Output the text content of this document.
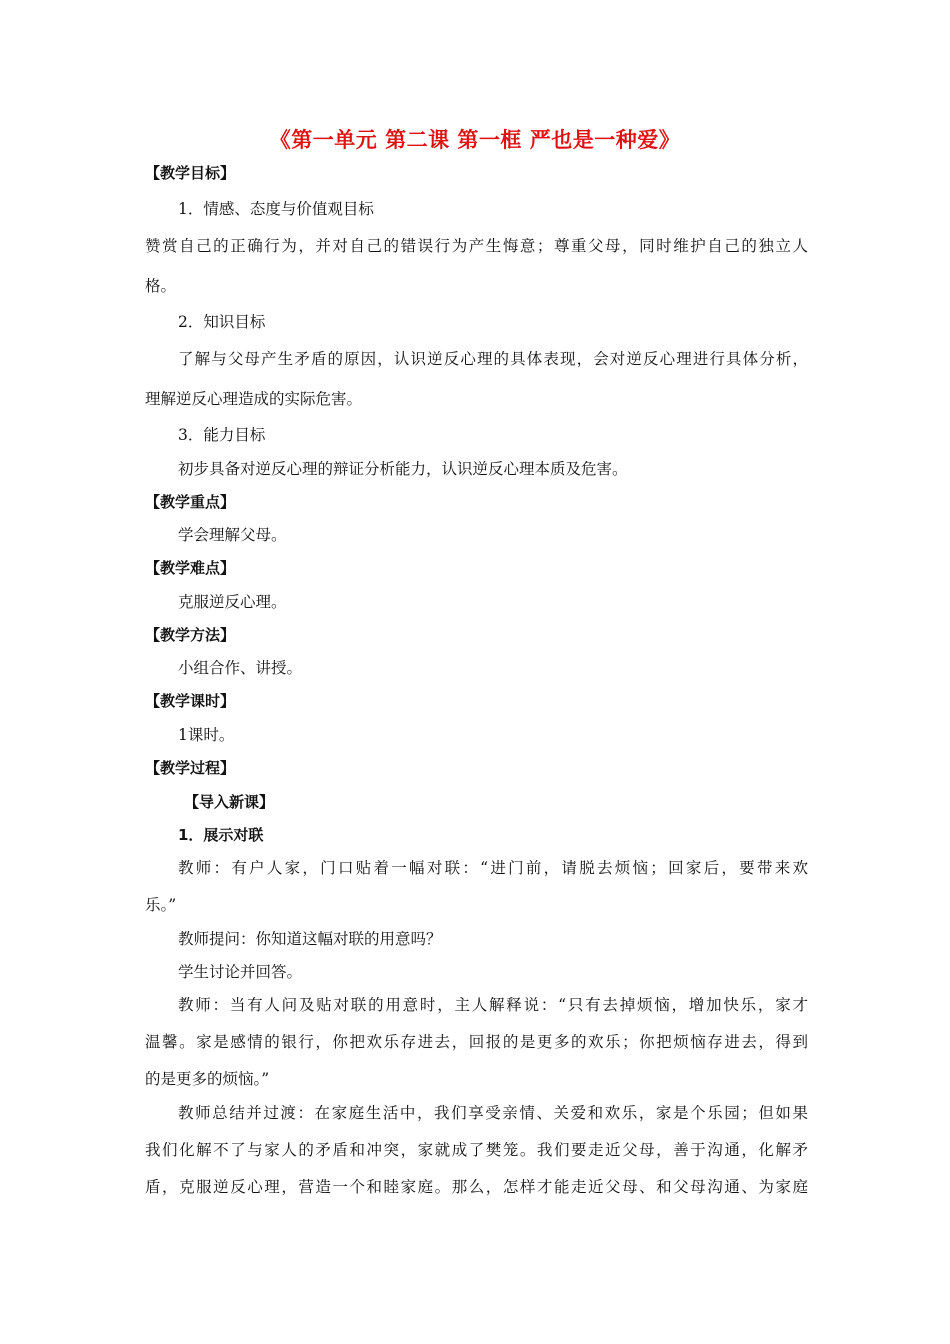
《第一单元 第二课 第一框 严也是一种爱》
【教学目标】
1．情感、态度与价值观目标
赞赏自己的正确行为，并对自己的错误行为产生悔意；尊重父母，同时维护自己的独立人
格。
2．知识目标
了解与父母产生矛盾的原因，认识逆反心理的具体表现，会对逆反心理进行具体分析，
理解逆反心理造成的实际危害。
3．能力目标
初步具备对逆反心理的辩证分析能力，认识逆反心理本质及危害。
【教学重点】
学会理解父母。
【教学难点】
克服逆反心理。
【教学方法】
小组合作、讲授。
【教学课时】
1课时。
【教学过程】
【导入新课】
1．展示对联
教师：有户人家，门口贴着一幅对联：“进门前，请脱去烦恼；回家后，要带来欢
乐。”
教师提问：你知道这幅对联的用意吗？
学生讨论并回答。
教师：当有人问及贴对联的用意时，主人解释说：“只有去掉烦恼，增加快乐，家才
温馨。家是感情的银行，你把欢乐存进去，回报的是更多的欢乐；你把烦恼存进去，得到
的是更多的烦恼。”
教师总结并过渡：在家庭生活中，我们享受亲情、关爱和欢乐，家是个乐园；但如果
我们化解不了与家人的矛盾和冲突，家就成了樊笼。我们要走近父母，善于沟通，化解矛
盾，克服逆反心理，营造一个和睦家庭。那么，怎样才能走近父母、和父母沟通、为家庭
